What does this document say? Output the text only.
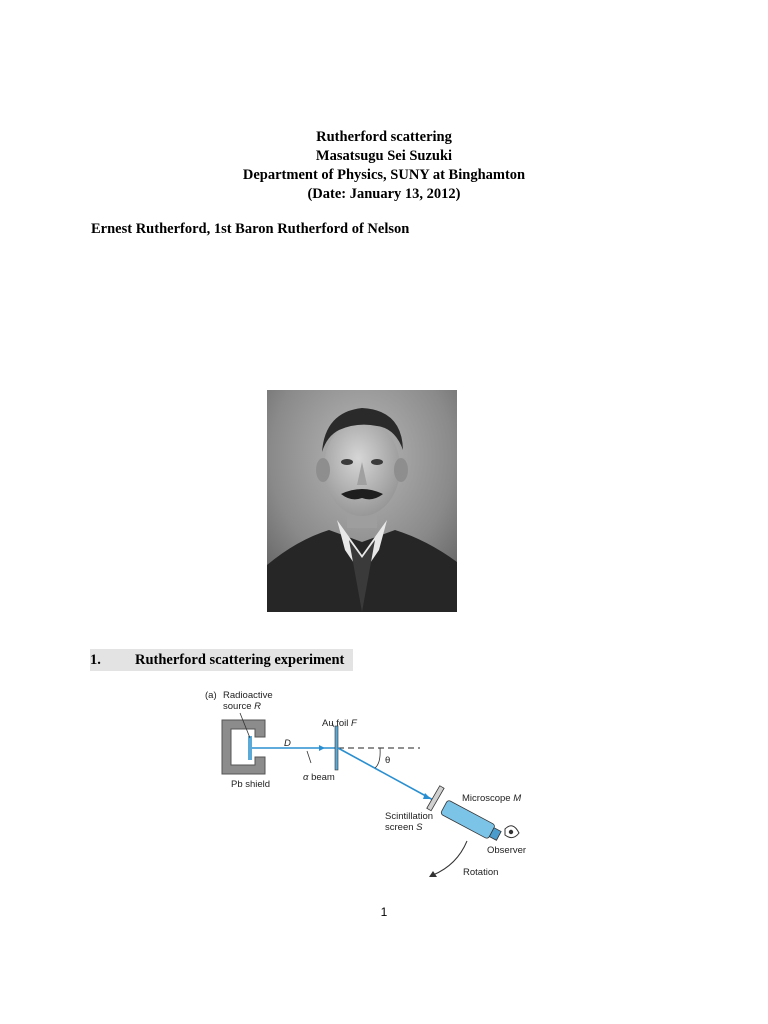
Rutherford scattering
Masatsugu Sei Suzuki
Department of Physics, SUNY at Binghamton
(Date: January 13, 2012)
Ernest Rutherford, 1st Baron Rutherford of Nelson
1. Rutherford scattering experiment
(a) Radioactive
source R
Au foil F
D
Pb shield
α beam
θ
Microscope M
Scintillation
screen S
Observer
Rotation
1
